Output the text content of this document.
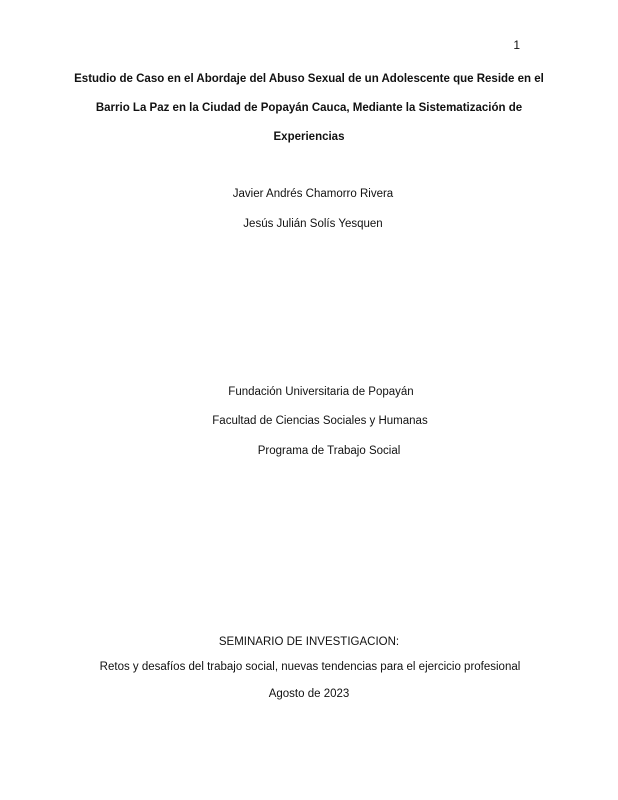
1
Estudio de Caso en el Abordaje del Abuso Sexual de un Adolescente que Reside en el
Barrio La Paz en la Ciudad de Popayán Cauca, Mediante la Sistematización de
Experiencias
Javier Andrés Chamorro Rivera
Jesús Julián Solís Yesquen
Fundación Universitaria de Popayán
Facultad de Ciencias Sociales y Humanas
Programa de Trabajo Social
SEMINARIO DE INVESTIGACION:
Retos y desafíos del trabajo social, nuevas tendencias para el ejercicio profesional
Agosto de 2023
